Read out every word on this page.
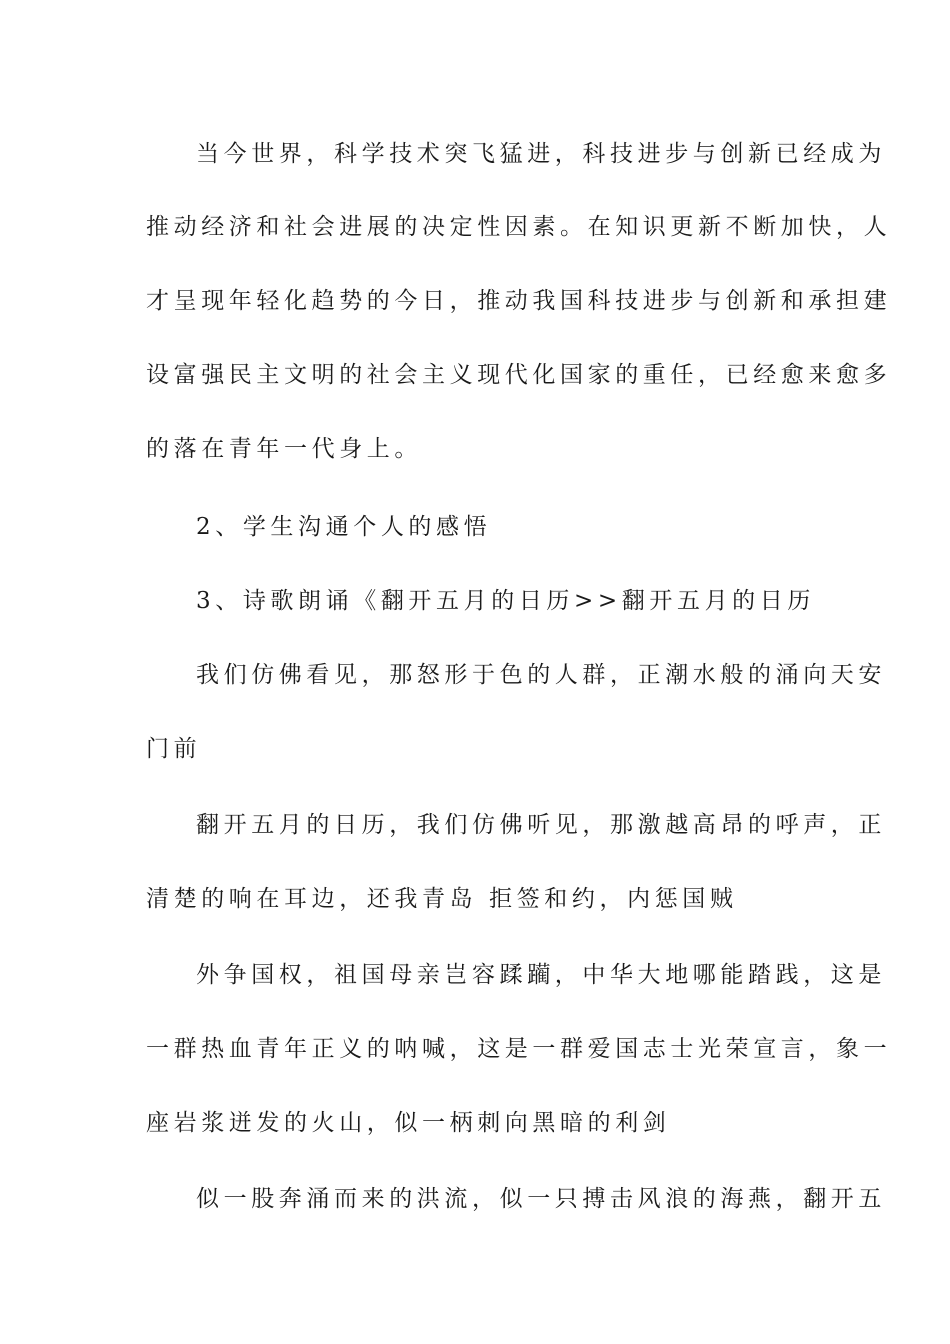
当今世界，科学技术突飞猛进，科技进步与创新已经成为
推动经济和社会进展的决定性因素。在知识更新不断加快，人
才呈现年轻化趋势的今日，推动我国科技进步与创新和承担建
设富强民主文明的社会主义现代化国家的重任，已经愈来愈多
的落在青年一代身上。
2、学生沟通个人的感悟
3、诗歌朗诵《翻开五月的日历>>翻开五月的日历
我们仿佛看见，那怒形于色的人群，正潮水般的涌向天安
门前
翻开五月的日历，我们仿佛听见，那激越高昂的呼声，正
清楚的响在耳边，还我青岛 拒签和约，内惩国贼
外争国权，祖国母亲岂容蹂躏，中华大地哪能踏践，这是
一群热血青年正义的呐喊，这是一群爱国志士光荣宣言，象一
座岩浆迸发的火山，似一柄刺向黑暗的利剑
似一股奔涌而来的洪流，似一只搏击风浪的海燕，翻开五
